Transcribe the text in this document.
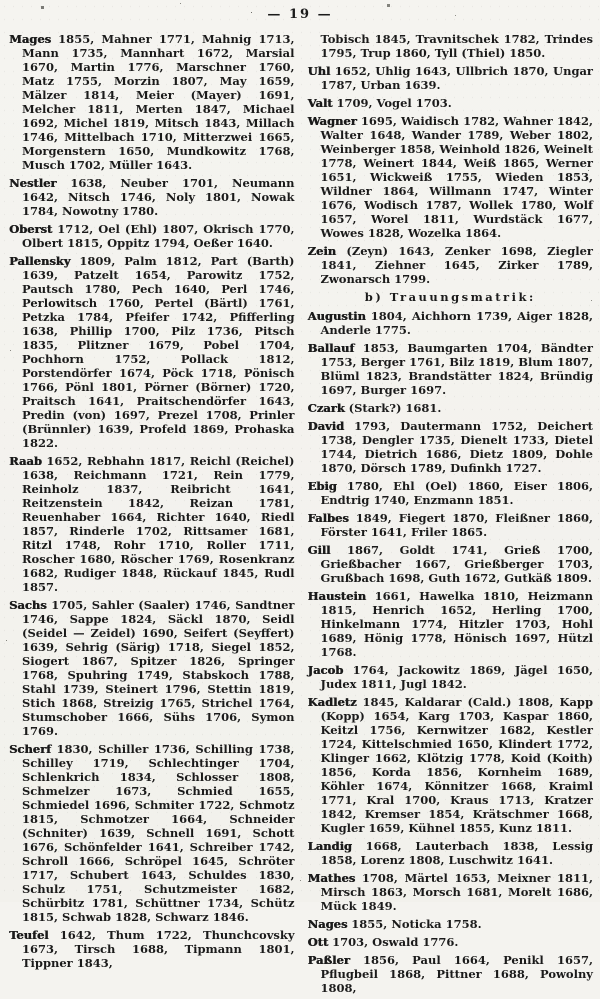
— 19 —

Mages 1855, Mahner 1771, Mahnig 1713, Mann 1735, Mannhart 1672, Marsial 1670, Martin 1776, Marschner 1760, Matz 1755, Morzin 1807, May 1659, Mälzer 1814, Meier (Mayer) 1691, Melcher 1811, Merten 1847, Michael 1692, Michel 1819, Mitsch 1843, Millach 1746, Mittelbach 1710, Mitterzwei 1665, Morgenstern 1650, Mundkowitz 1768, Musch 1702, Müller 1643.

Nestler 1638, Neuber 1701, Neumann 1642, Nitsch 1746, Noly 1801, Nowak 1784, Nowotny 1780.

Oberst 1712, Oel (Ehl) 1807, Okrisch 1770, Olbert 1815, Oppitz 1794, Oeßer 1640.

Pallensky 1809, Palm 1812, Part (Barth) 1639, Patzelt 1654, Parowitz 1752, Pautsch 1780, Pech 1640, Perl 1746, Perlowitsch 1760, Pertel (Bärtl) 1761, Petzka 1784, Pfeifer 1742, Pfifferling 1638, Phillip 1700, Pilz 1736, Pitsch 1835, Plitzner 1679, Pobel 1704, Pochhorn 1752, Pollack 1812, Porstendörfer 1674, Pöck 1718, Pönisch 1766, Pönl 1801, Pörner (Börner) 1720, Praitsch 1641, Praitschendörfer 1643, Predin (von) 1697, Prezel 1708, Prinler (Brünnler) 1639, Profeld 1869, Prohaska 1822.

Raab 1652, Rebhahn 1817, Reichl (Reichel) 1638, Reichmann 1721, Rein 1779, Reinholz 1837, Reibricht 1641, Reitzenstein 1842, Reizan 1781, Reuenhaber 1664, Richter 1640, Riedl 1857, Rinderle 1702, Rittsamer 1681, Ritzl 1748, Rohr 1710, Roller 1711, Roscher 1680, Röscher 1769, Rosenkranz 1682, Rudiger 1848, Rückauf 1845, Rudl 1857.

Sachs 1705, Sahler (Saaler) 1746, Sandtner 1746, Sappe 1824, Säckl 1870, Seidl (Seidel — Zeidel) 1690, Seifert (Seyffert) 1639, Sehrig (Särig) 1718, Siegel 1852, Siogert 1867, Spitzer 1826, Springer 1768, Spuhring 1749, Stabskoch 1788, Stahl 1739, Steinert 1796, Stettin 1819, Stich 1868, Streizig 1765, Strichel 1764, Stumschober 1666, Sühs 1706, Symon 1769.

Scherf 1830, Schiller 1736, Schilling 1738, Schilley 1719, Schlechtinger 1704, Schlenkrich 1834, Schlosser 1808, Schmelzer 1673, Schmied 1655, Schmiedel 1696, Schmiter 1722, Schmotz 1815, Schmotzer 1664, Schneider (Schniter) 1639, Schnell 1691, Schott 1676, Schönfelder 1641, Schreiber 1742, Schroll 1666, Schröpel 1645, Schröter 1717, Schubert 1643, Schuldes 1830, Schulz 1751, Schutzmeister 1682, Schürbitz 1781, Schüttner 1734, Schütz 1815, Schwab 1828, Schwarz 1846.

Teufel 1642, Thum 1722, Thunchcovsky 1673, Tirsch 1688, Tipmann 1801, Tippner 1843,

Tobisch 1845, Travnitschek 1782, Trindes 1795, Trup 1860, Tyll (Thiel) 1850.

Uhl 1652, Uhlig 1643, Ullbrich 1870, Ungar 1787, Urban 1639.

Valt 1709, Vogel 1703.

Wagner 1695, Waidisch 1782, Wahner 1842, Walter 1648, Wander 1789, Weber 1802, Weinberger 1858, Weinhold 1826, Weinelt 1778, Weinert 1844, Weiß 1865, Werner 1651, Wickweiß 1755, Wieden 1853, Wildner 1864, Willmann 1747, Winter 1676, Wodisch 1787, Wollek 1780, Wolf 1657, Worel 1811, Wurdstäck 1677, Wowes 1828, Wozelka 1864.

Zein (Zeyn) 1643, Zenker 1698, Ziegler 1841, Ziehner 1645, Zirker 1789, Zwonarsch 1799.

b) Trauungsmatrik:

Augustin 1804, Aichhorn 1739, Aiger 1828, Anderle 1775.

Ballauf 1853, Baumgarten 1704, Bändter 1753, Berger 1761, Bilz 1819, Blum 1807, Blüml 1823, Brandstätter 1824, Bründig 1697, Burger 1697.

Czark (Stark?) 1681.

David 1793, Dautermann 1752, Deichert 1738, Dengler 1735, Dienelt 1733, Dietel 1744, Dietrich 1686, Dietz 1809, Dohle 1870, Dörsch 1789, Dufinkh 1727.

Ebig 1780, Ehl (Oel) 1860, Eiser 1806, Endtrig 1740, Enzmann 1851.

Falbes 1849, Fiegert 1870, Fleißner 1860, Förster 1641, Friler 1865.

Gill 1867, Goldt 1741, Grieß 1700, Grießbacher 1667, Grießberger 1703, Grußbach 1698, Guth 1672, Gutkäß 1809.

Haustein 1661, Hawelka 1810, Heizmann 1815, Henrich 1652, Herling 1700, Hinkelmann 1774, Hitzler 1703, Hohl 1689, Hönig 1778, Hönisch 1697, Hützl 1768.

Jacob 1764, Jackowitz 1869, Jägel 1650, Judex 1811, Jugl 1842.

Kadletz 1845, Kaldarar (Cald.) 1808, Kapp (Kopp) 1654, Karg 1703, Kaspar 1860, Keitzl 1756, Kernwitzer 1682, Kestler 1724, Kittelschmied 1650, Klindert 1772, Klinger 1662, Klötzig 1778, Koid (Koith) 1856, Korda 1856, Kornheim 1689, Köhler 1674, Könnitzer 1668, Kraiml 1771, Kral 1700, Kraus 1713, Kratzer 1842, Kremser 1854, Krätschmer 1668, Kugler 1659, Kühnel 1855, Kunz 1811.

Landig 1668, Lauterbach 1838, Lessig 1858, Lorenz 1808, Luschwitz 1641.

Mathes 1708, Märtel 1653, Meixner 1811, Mirsch 1863, Morsch 1681, Morelt 1686, Mück 1849.

Nages 1855, Noticka 1758.

Ott 1703, Oswald 1776.

Paßler 1856, Paul 1664, Penikl 1657, Pflugbeil 1868, Pittner 1688, Powolny 1808,
